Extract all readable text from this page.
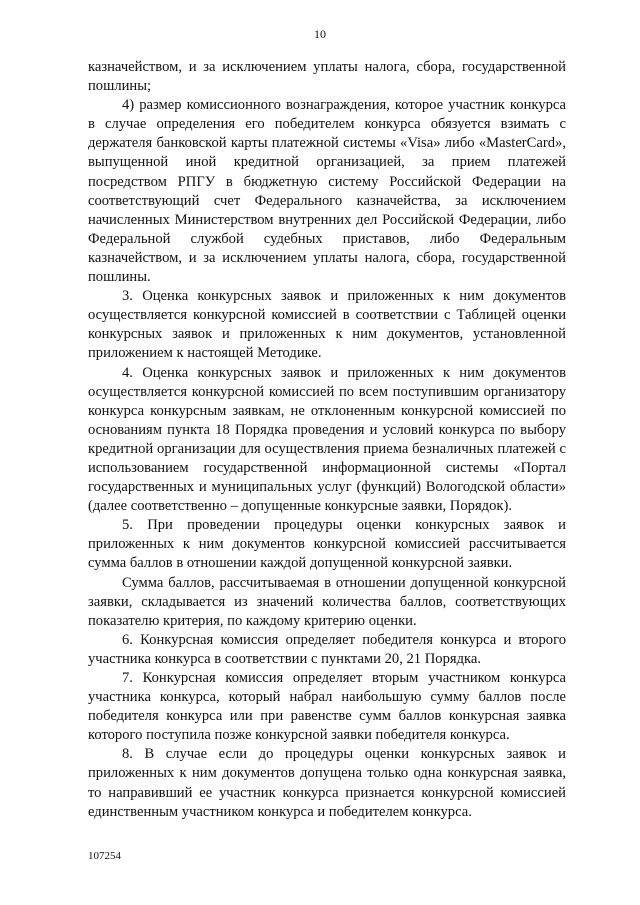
10

казначейством, и за исключением уплаты налога, сбора, государственной пошлины;

4) размер комиссионного вознаграждения, которое участник конкурса в случае определения его победителем конкурса обязуется взимать с держателя банковской карты платежной системы «Visa» либо «MasterCard», выпущенной иной кредитной организацией, за прием платежей посредством РПГУ в бюджетную систему Российской Федерации на соответствующий счет Федерального казначейства, за исключением начисленных Министерством внутренних дел Российской Федерации, либо Федеральной службой судебных приставов, либо Федеральным казначейством, и за исключением уплаты налога, сбора, государственной пошлины.

3. Оценка конкурсных заявок и приложенных к ним документов осуществляется конкурсной комиссией в соответствии с Таблицей оценки конкурсных заявок и приложенных к ним документов, установленной приложением к настоящей Методике.

4. Оценка конкурсных заявок и приложенных к ним документов осуществляется конкурсной комиссией по всем поступившим организатору конкурса конкурсным заявкам, не отклоненным конкурсной комиссией по основаниям пункта 18 Порядка проведения и условий конкурса по выбору кредитной организации для осуществления приема безналичных платежей с использованием государственной информационной системы «Портал государственных и муниципальных услуг (функций) Вологодской области» (далее соответственно – допущенные конкурсные заявки, Порядок).

5. При проведении процедуры оценки конкурсных заявок и приложенных к ним документов конкурсной комиссией рассчитывается сумма баллов в отношении каждой допущенной конкурсной заявки.

Сумма баллов, рассчитываемая в отношении допущенной конкурсной заявки, складывается из значений количества баллов, соответствующих показателю критерия, по каждому критерию оценки.

6. Конкурсная комиссия определяет победителя конкурса и второго участника конкурса в соответствии с пунктами 20, 21 Порядка.

7. Конкурсная комиссия определяет вторым участником конкурса участника конкурса, который набрал наибольшую сумму баллов после победителя конкурса или при равенстве сумм баллов конкурсная заявка которого поступила позже конкурсной заявки победителя конкурса.

8. В случае если до процедуры оценки конкурсных заявок и приложенных к ним документов допущена только одна конкурсная заявка, то направивший ее участник конкурса признается конкурсной комиссией единственным участником конкурса и победителем конкурса.

107254
